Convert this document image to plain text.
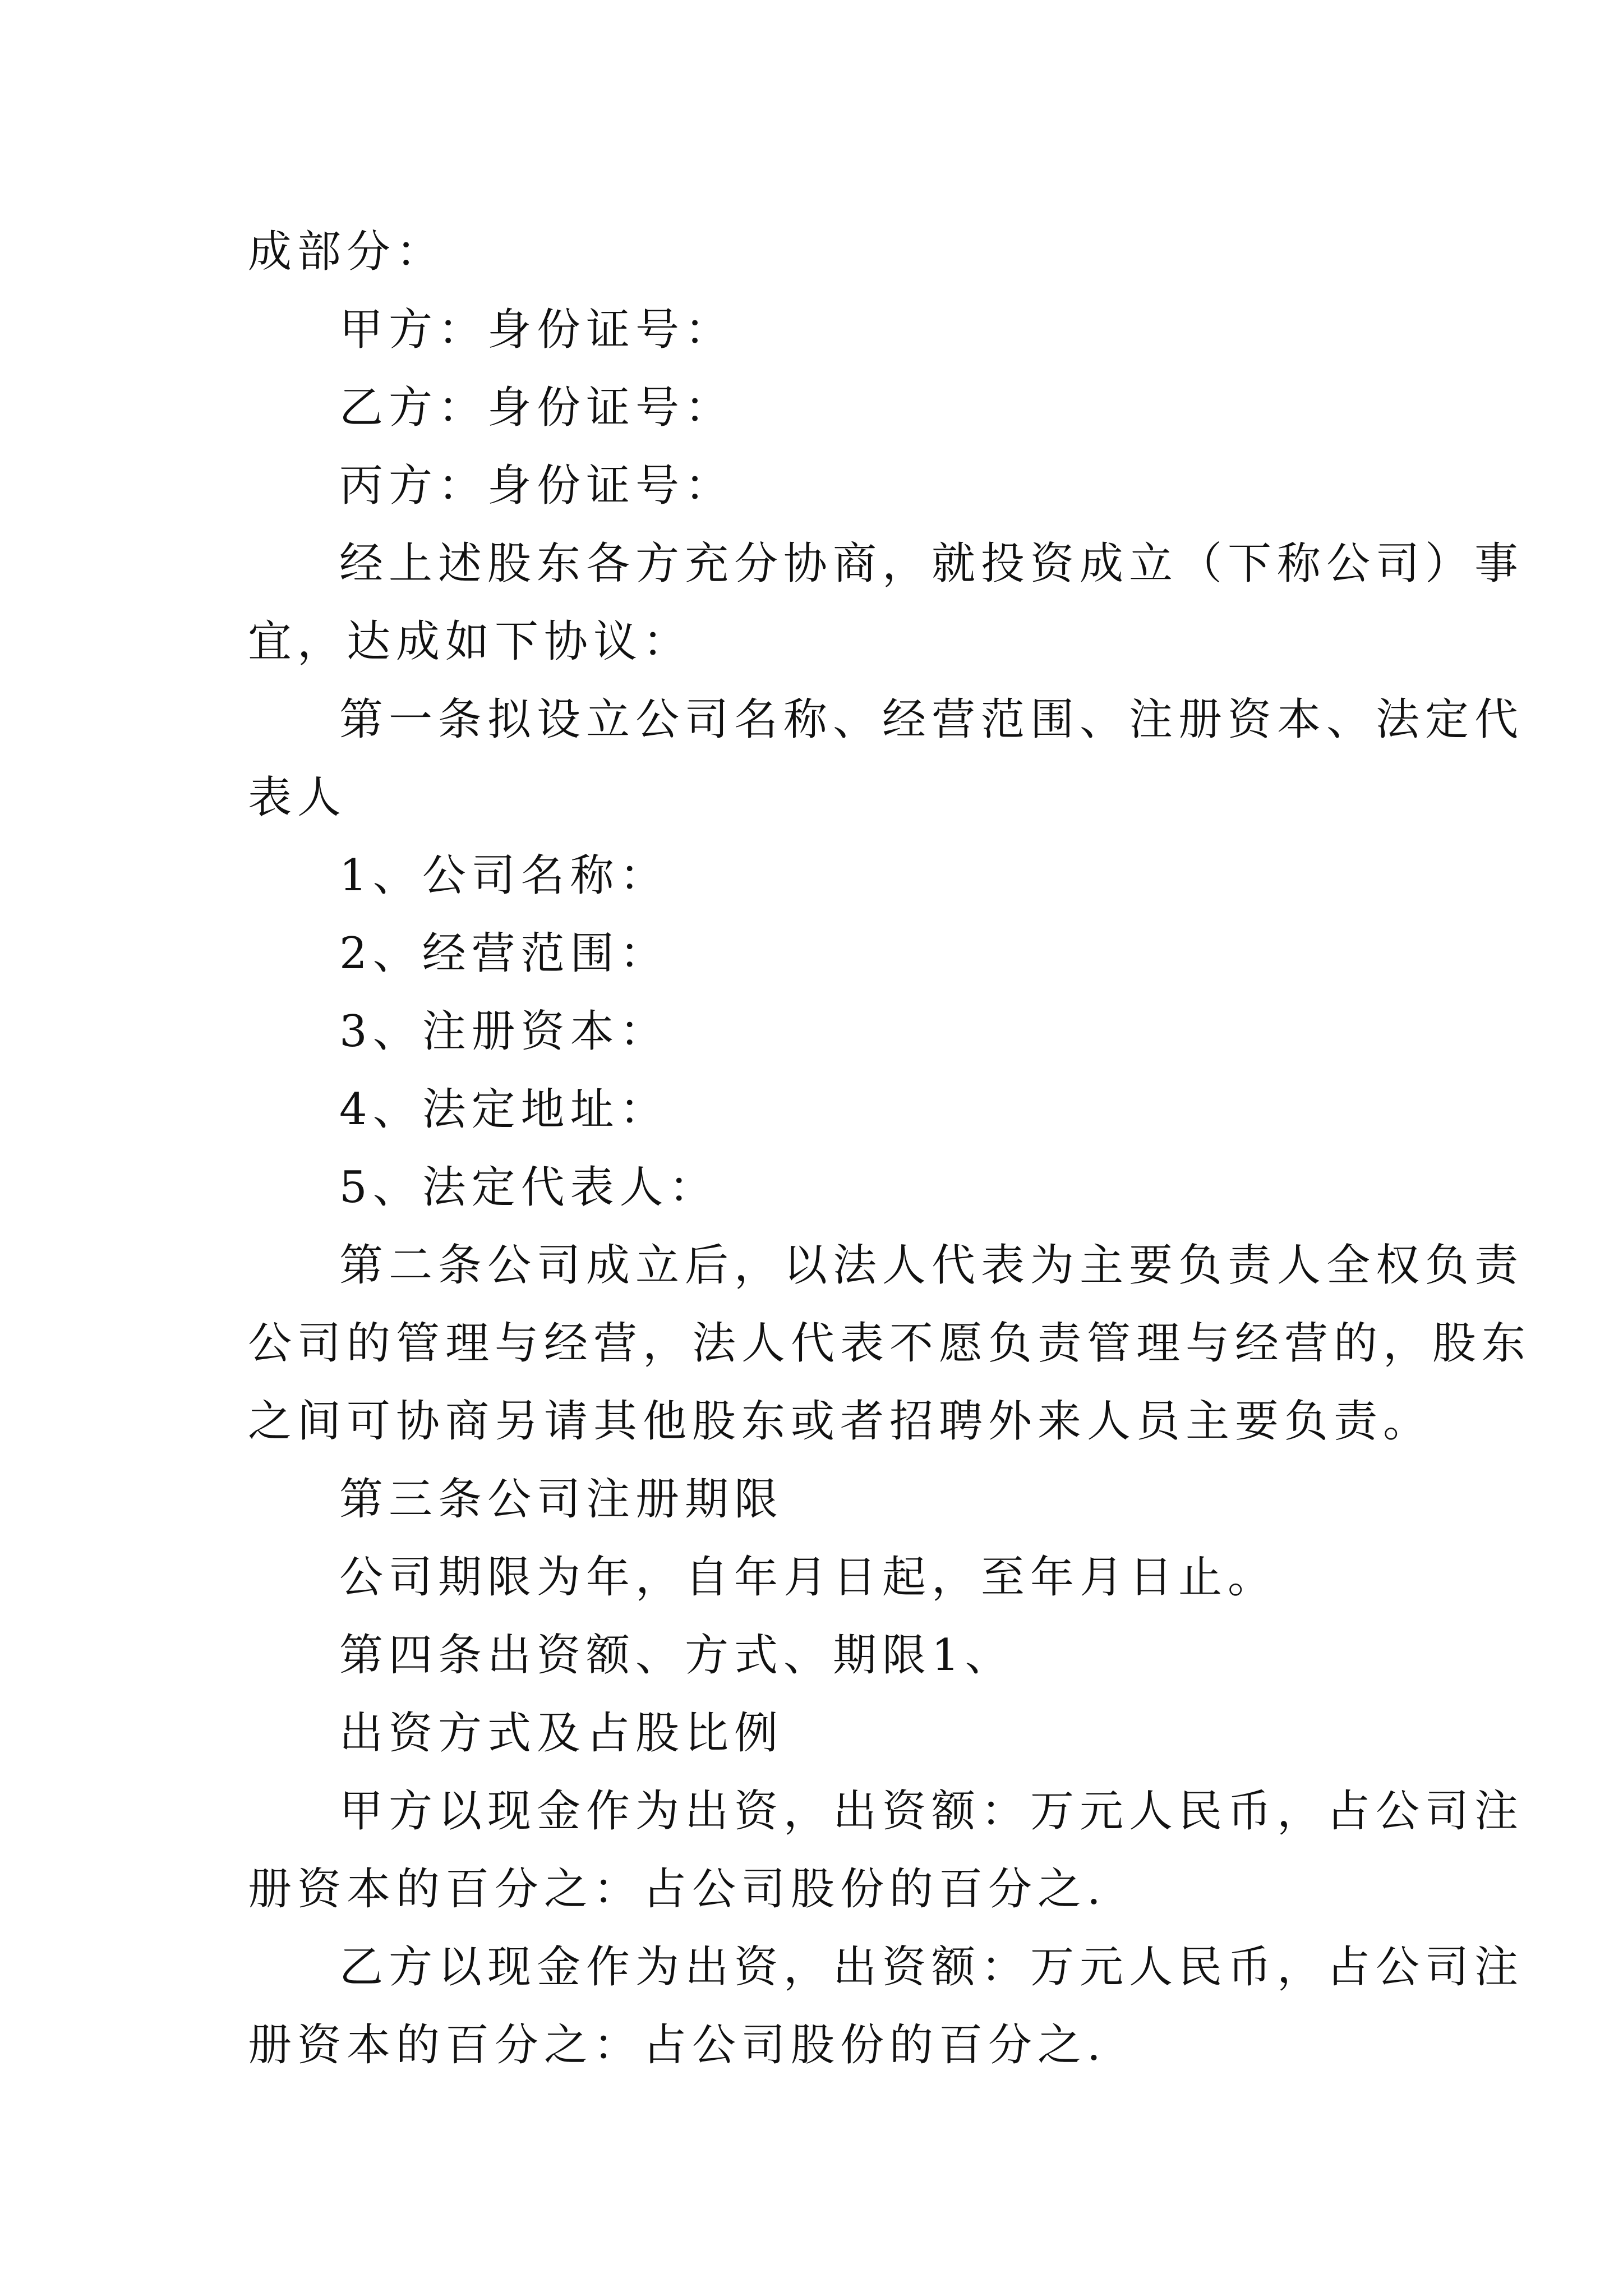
成部分：
甲方：身份证号：
乙方：身份证号：
丙方：身份证号：
经上述股东各方充分协商，就投资成立（下称公司）事
宜，达成如下协议：
第一条拟设立公司名称、经营范围、注册资本、法定代
表人
1、公司名称：
2、经营范围：
3、注册资本：
4、法定地址：
5、法定代表人：
第二条公司成立后，以法人代表为主要负责人全权负责
公司的管理与经营，法人代表不愿负责管理与经营的，股东
之间可协商另请其他股东或者招聘外来人员主要负责。
第三条公司注册期限
公司期限为年，自年月日起，至年月日止。
第四条出资额、方式、期限1、
出资方式及占股比例
甲方以现金作为出资，出资额：万元人民币，占公司注
册资本的百分之：占公司股份的百分之.
乙方以现金作为出资，出资额：万元人民币，占公司注
册资本的百分之：占公司股份的百分之.
